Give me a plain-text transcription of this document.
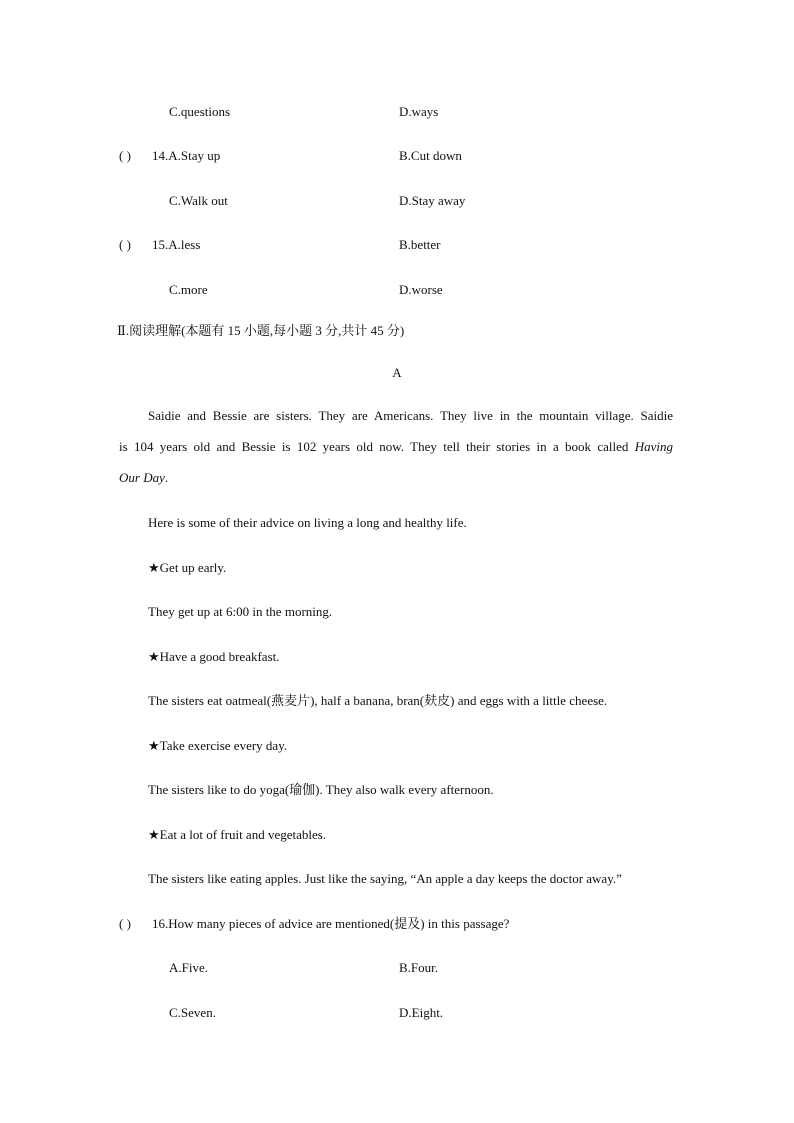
C.questions	D.ways
( ) 14.A.Stay up	B.Cut down
C.Walk out	D.Stay away
( ) 15.A.less	B.better
C.more	D.worse
Ⅱ.阅读理解(本题有 15 小题,每小题 3 分,共计 45 分)
A
Saidie and Bessie are sisters. They are Americans. They live in the mountain village. Saidie
is 104 years old and Bessie is 102 years old now. They tell their stories in a book called Having
Our Day.
Here is some of their advice on living a long and healthy life.
★Get up early.
They get up at 6:00 in the morning.
★Have a good breakfast.
The sisters eat oatmeal(燕麦片), half a banana, bran(麸皮) and eggs with a little cheese.
★Take exercise every day.
The sisters like to do yoga(瑜伽). They also walk every afternoon.
★Eat a lot of fruit and vegetables.
The sisters like eating apples. Just like the saying, “An apple a day keeps the doctor away.”
( ) 16.How many pieces of advice are mentioned(提及) in this passage?
A.Five.	B.Four.
C.Seven.	D.Eight.
